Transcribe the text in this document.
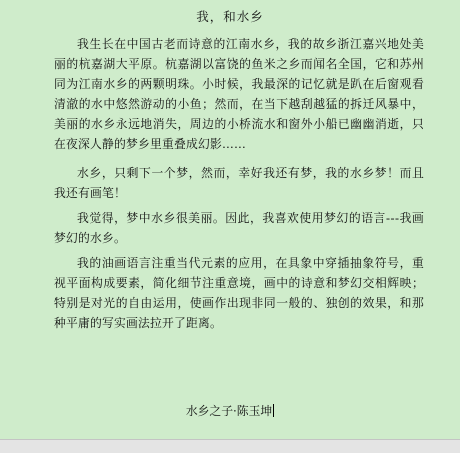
我，和水乡

我生长在中国古老而诗意的江南水乡，我的故乡浙江嘉兴地处美丽的杭嘉湖大平原。杭嘉湖以富饶的鱼米之乡而闻名全国，它和苏州同为江南水乡的两颗明珠。小时候，我最深的记忆就是趴在后窗观看清澈的水中悠然游动的小鱼；然而，在当下越刮越猛的拆迁风暴中，美丽的水乡永远地消失，周边的小桥流水和窗外小船已幽幽消逝，只在夜深人静的梦乡里重叠成幻影……

水乡，只剩下一个梦，然而，幸好我还有梦，我的水乡梦！而且我还有画笔！

我觉得，梦中水乡很美丽。因此，我喜欢使用梦幻的语言---我画梦幻的水乡。

我的油画语言注重当代元素的应用，在具象中穿插抽象符号，重视平面构成要素，简化细节注重意境，画中的诗意和梦幻交相辉映；特别是对光的自由运用，使画作出现非同一般的、独创的效果，和那种平庸的写实画法拉开了距离。

水乡之子·陈玉坤
